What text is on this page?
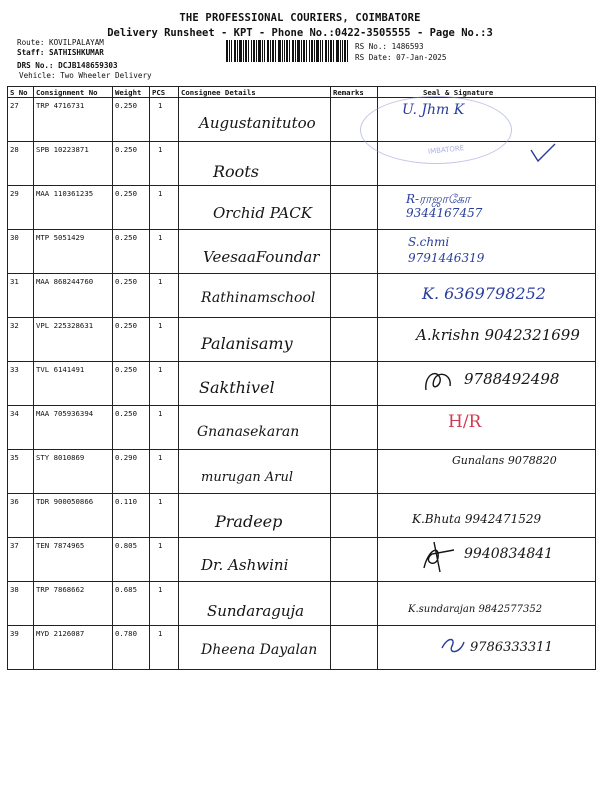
THE PROFESSIONAL COURIERS, COIMBATORE
Delivery Runsheet - KPT - Phone No.:0422-3505555 - Page No.:3
Route: KOVILPALAYAM
Staff: SATHISHKUMAR
DRS No.: DCJB148659303
Vehicle: Two Wheeler Delivery
RS No.: 1486593
RS Date: 07-Jan-2025
S No	Consignment No	Weight	PCS	Consignee Details	Remarks	Seal & Signature
27	TRP 4716731	0.250	1	Augustanitutoo		U. Jhm K

28	SPB 10223871	0.250	1	Roots

29	MAA 110361235	0.250	1	Orchid PACK		R-ராஜாகோ 9344167457

30	MTP 5051429	0.250	1	VeesaaFoundar		S.chmi 9791446319

31	MAA 868244760	0.250	1	Rathinamschool		K. 6369798252

32	VPL 225328631	0.250	1	Palanisamy		A.krishn 9042321699

33	TVL 6141491	0.250	1	Sakthivel		9788492498

34	MAA 705936394	0.250	1	Gnanasekaran		H/R

35	STY 8010869	0.290	1	murugan Arul		Gunalans 9078820

36	TDR 900050866	0.110	1	Pradeep		K.Bhuta 9942471529

37	TEN 7874965	0.805	1	Dr. Ashwini		9940834841

38	TRP 7868662	0.685	1	Sundaraguja		K.sundarajan 9842577352

39	MYD 2126087	0.780	1	Dheena Dayalan		9786333311
IMBATORE
